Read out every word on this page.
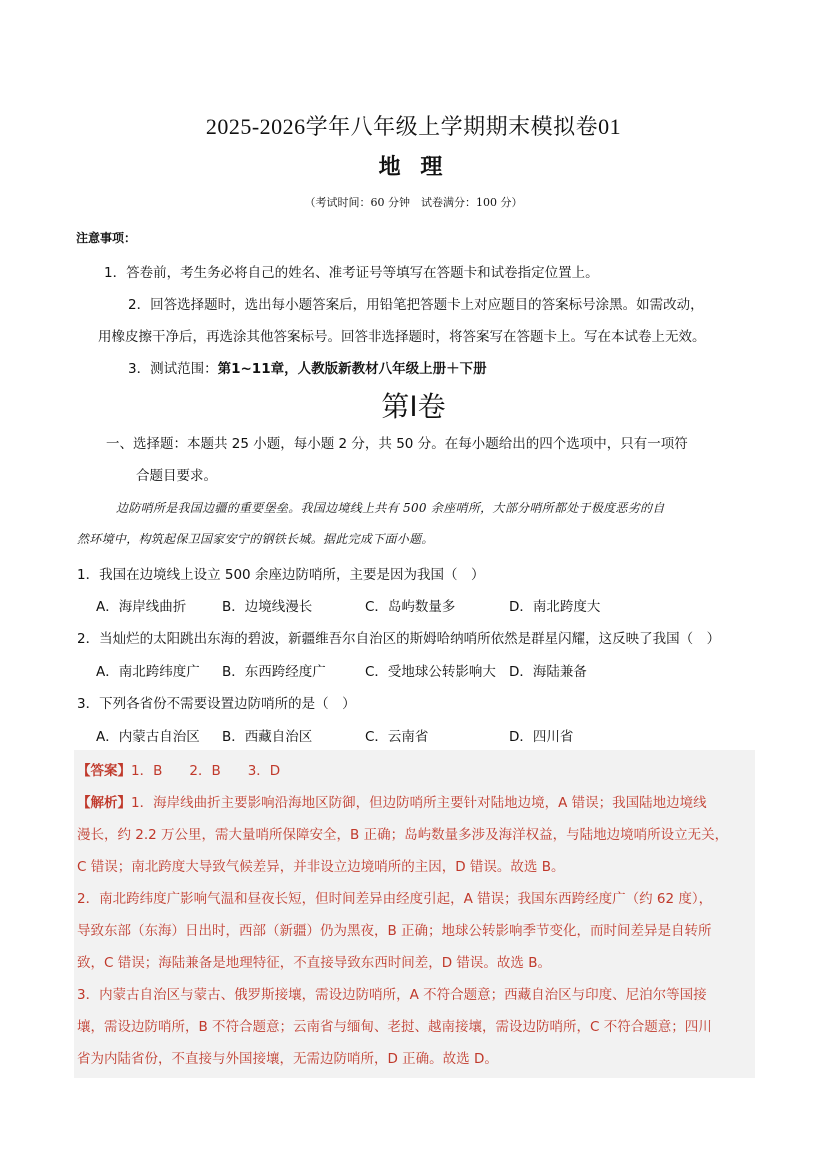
2025-2026学年八年级上学期期末模拟卷01
地 理
（考试时间：60 分钟　试卷满分：100 分）
注意事项：
1．答卷前，考生务必将自己的姓名、准考证号等填写在答题卡和试卷指定位置上。
2．回答选择题时，选出每小题答案后，用铅笔把答题卡上对应题目的答案标号涂黑。如需改动，
用橡皮擦干净后，再选涂其他答案标号。回答非选择题时，将答案写在答题卡上。写在本试卷上无效。
3．测试范围：第1~11章，人教版新教材八年级上册＋下册
第Ⅰ卷
一、选择题：本题共 25 小题，每小题 2 分，共 50 分。在每小题给出的四个选项中，只有一项符
合题目要求。
边防哨所是我国边疆的重要堡垒。我国边境线上共有 500 余座哨所，大部分哨所都处于极度恶劣的自
然环境中，构筑起保卫国家安宁的钢铁长城。据此完成下面小题。
1．我国在边境线上设立 500 余座边防哨所，主要是因为我国（　）
A．海岸线曲折	B．边境线漫长	C．岛屿数量多	D．南北跨度大
2．当灿烂的太阳跳出东海的碧波，新疆维吾尔自治区的斯姆哈纳哨所依然是群星闪耀，这反映了我国（　）
A．南北跨纬度广 B．东西跨经度广	C．受地球公转影响大 D．海陆兼备
3．下列各省份不需要设置边防哨所的是（　）
A．内蒙古自治区 B．西藏自治区	C．云南省	D．四川省
【答案】1．B　　2．B　　3．D
【解析】1．海岸线曲折主要影响沿海地区防御，但边防哨所主要针对陆地边境，A 错误；我国陆地边境线
漫长，约 2.2 万公里，需大量哨所保障安全，B 正确；岛屿数量多涉及海洋权益，与陆地边境哨所设立无关，
C 错误；南北跨度大导致气候差异，并非设立边境哨所的主因，D 错误。故选 B。
2．南北跨纬度广影响气温和昼夜长短，但时间差异由经度引起，A 错误；我国东西跨经度广（约 62 度），
导致东部（东海）日出时，西部（新疆）仍为黑夜，B 正确；地球公转影响季节变化，而时间差异是自转所
致，C 错误；海陆兼备是地理特征，不直接导致东西时间差，D 错误。故选 B。
3．内蒙古自治区与蒙古、俄罗斯接壤，需设边防哨所，A 不符合题意；西藏自治区与印度、尼泊尔等国接
壤，需设边防哨所，B 不符合题意；云南省与缅甸、老挝、越南接壤，需设边防哨所，C 不符合题意；四川
省为内陆省份，不直接与外国接壤，无需边防哨所，D 正确。故选 D。
